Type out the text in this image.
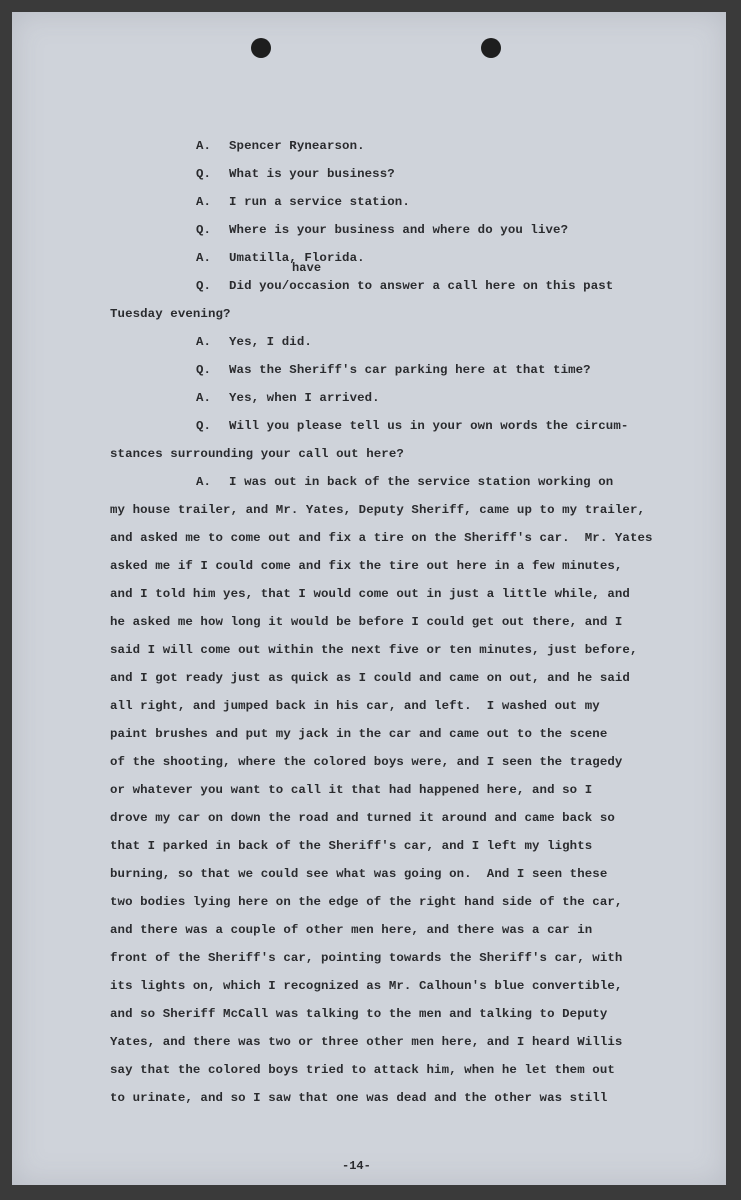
A. Spencer Rynearson.
Q. What is your business?
A. I run a service station.
Q. Where is your business and where do you live?
A. Umatilla, Florida.
have
Q. Did you/occasion to answer a call here on this past
Tuesday evening?
A. Yes, I did.
Q. Was the Sheriff's car parking here at that time?
A. Yes, when I arrived.
Q. Will you please tell us in your own words the circum-
stances surrounding your call out here?
A. I was out in back of the service station working on
my house trailer, and Mr. Yates, Deputy Sheriff, came up to my trailer,
and asked me to come out and fix a tire on the Sheriff's car.  Mr. Yates
asked me if I could come and fix the tire out here in a few minutes,
and I told him yes, that I would come out in just a little while, and
he asked me how long it would be before I could get out there, and I
said I will come out within the next five or ten minutes, just before,
and I got ready just as quick as I could and came on out, and he said
all right, and jumped back in his car, and left.  I washed out my
paint brushes and put my jack in the car and came out to the scene
of the shooting, where the colored boys were, and I seen the tragedy
or whatever you want to call it that had happened here, and so I
drove my car on down the road and turned it around and came back so
that I parked in back of the Sheriff's car, and I left my lights
burning, so that we could see what was going on.  And I seen these
two bodies lying here on the edge of the right hand side of the car,
and there was a couple of other men here, and there was a car in
front of the Sheriff's car, pointing towards the Sheriff's car, with
its lights on, which I recognized as Mr. Calhoun's blue convertible,
and so Sheriff McCall was talking to the men and talking to Deputy
Yates, and there was two or three other men here, and I heard Willis
say that the colored boys tried to attack him, when he let them out
to urinate, and so I saw that one was dead and the other was still
-14-
